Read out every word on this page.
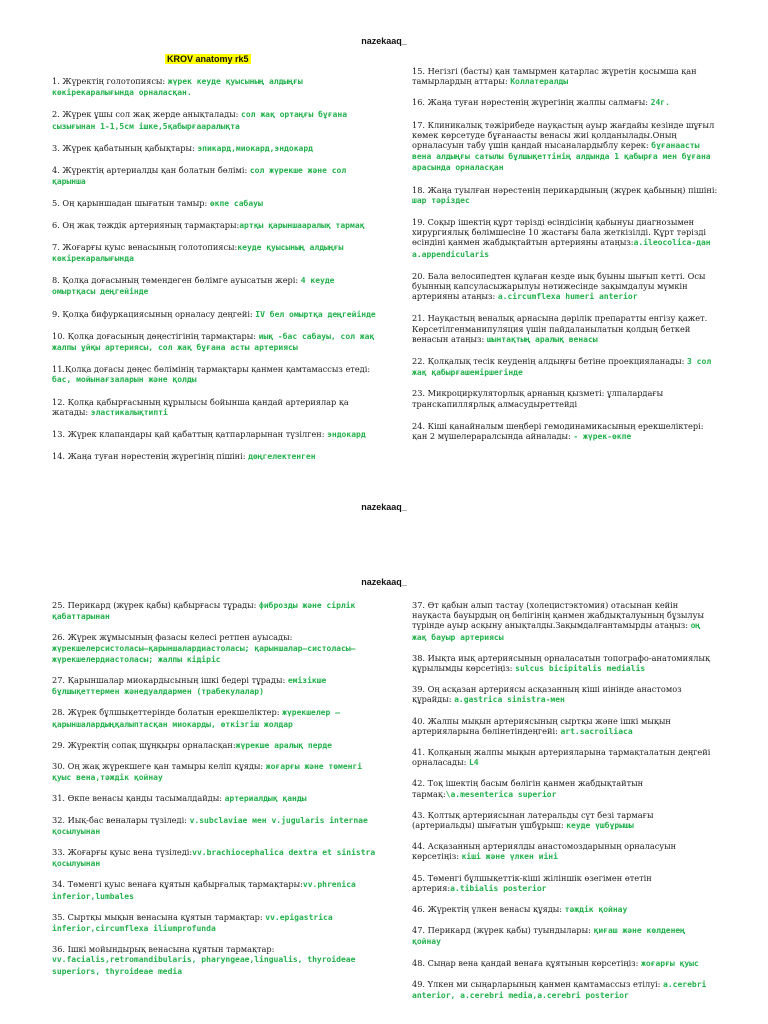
nazekaaq_
KROV anatomy rk5

1. Жүректің голотопиясы: жүрек кеуде қуысының алдыңғы көкірекаралығында орналасқан.

2. Жүрек ұшы сол жақ жерде анықталады: сол жақ ортаңғы бұғана сызығынан 1-1,5см ішке,5қабырғааралықта

3. Жүрек қабатының қабықтары: эпикард,миокард,эндокард

4. Жүректің артериалды қан болатын бөлімі: сол жүрекше және сол қарынша

5. Оң қарыншадан шығатын тамыр: өкпе сабауы

6. Оң жақ тәждік артерияның тармақтары:артқы қарыншааралық тармақ

7. Жоғарғы қуыс венасының голотопиясы:кеуде қуысының алдыңғы көкірекаралығында

8. Қолқа доғасының төмендеген бөлімге ауысатын жері: 4 кеуде омыртқасы деңгейінде

9. Қолқа бифуркациясының орналасу деңгейі: IV бел омыртқа деңгейінде

10. Қолқа доғасының дөңестігінің тармақтары: иық -бас сабауы, сол жақ жалпы ұйқы артериясы, сол жақ бұғана асты артериясы

11.Қолқа доғасы дөңес бөлімінің тармақтары қанмен қамтамассыз етеді: бас, мойынағзаларын және қолды

12. Қолқа қабырғасының құрылысы бойынша қандай артериялар қа жатады: эластикалықтипті

13. Жүрек клапандары қай қабаттың қатпарларынан түзілген: эндокард

14. Жаңа туған нәрестенің жүрегінің пішіні: дөңгелектенген

15. Негізгі (басты) қан тамырмен қатарлас жүретін қосымша қан тамырлардың аттары: Коллатералды

16. Жаңа туған нәрестенің жүрегінің жалпы салмағы: 24г.

17. Клиникалық тәжірибеде науқастың ауыр жағдайы кезінде шұғыл көмек көрсетуде бұғанаасты венасы жиі қолданылады.Оның орналасуын табу үшін қандай нысаналардыблу керек: бұғанаасты вена алдыңғы сатылы бұлшықеттінің алдында 1 қабырға мен бұғана арасында орналасқан

18. Жаңа туылған нәрестенің перикардының (жүрек қабының) пішіні: шар тәріздес

19. Соқыр ішектің құрт тәрізді өсіндісінің қабынуы диагнозымен хирургиялық бөлімшесіне 10 жастағы бала жеткізілді. Құрт тәрізді өсіндіні қанмен жабдықтайтын артерияны атаңыз:a.ileocolica-дан a.appendicularis

20. Бала велосипедтен құлаған кезде иық буыны шығып кетті. Осы буынның капсуласыжарылуы нәтижесінде зақымдалуы мүмкін артерияны атаңыз: a.circumflexa humeri anterior

21. Науқастың веналық арнасына дәрілік препаратты енгізу қажет. Көрсетілгенманипуляция үшін пайдаланылатын қолдың беткей венасын атаңыз: шынтақтың аралық венасы

22. Қолқалық тесік кеуденің алдыңғы бетіне проекцияланады: 3 сол жақ қабырғашеміршегінде

23. Микроциркуляторлық арнаның қызметі: ұлпалардағы транскапиллярлық алмасудыреттейді

24. Кіші қанайналым шеңбері гемодинамикасының ерекшеліктері: қан 2 мүшелераралсында айналады: - жүрек-өкпе

nazekaaq_
nazekaaq_

25. Перикард (жүрек қабы) қабырғасы тұрады: фиброзды және сірлік қабаттарынан

26. Жүрек жұмысының фазасы келесі ретпен ауысады: жүрекшелерсистоласы–қарыншалардиастоласы; қарыншалар–систоласы–жүрекшелердиастоласы; жалпы кідіріс

27. Қарыншалар миокардысының ішкі бедері тұрады: емізікше бұлшықеттермен жәнедуалдармен (трабекулалар)

28. Жүрек бұлшықеттерінде болатын ерекшеліктер: жүрекшелер –қарыншалардыңқалыптасқан миокарды, өткізгіш жолдар

29. Жүректің сопақ шұңқыры орналасқан:жүрекше аралық перде

30. Оң жақ жүрекшеге қан тамыры келіп құяды: жоғарғы және төменгі қуыс вена,тәждік қойнау

31. Өкпе венасы қанды тасымалдайды: артериалдық қанды

32. Иық-бас веналары түзіледі: v.subclaviae мен v.jugularis internae қосылуынан

33. Жоғарғы қуыс вена түзіледі:vv.brachiocephalica dextra et sinistra қосылуынан

34. Төменгі қуыс венаға құятын қабырғалық тармақтары:vv.phrenica inferior,lumbales

35. Сыртқы мықын венасына құятын тармақтар: vv.epigastrica inferior,circumflexa iliumprofunda

36. Ішкі мойындырық венасына құятын тармақтар: vv.facialis,retromandibularis, pharyngeae,lingualis, thyroideae superiors, thyroideae media

37. Өт қабын алып тастау (холецистэктомия) отасынан кейін науқаста бауырдың оң бөлігінің қанмен жабдықталуының бұзылуы түрінде ауыр асқыну анықталды.Зақымдалғантамырды атаңыз: оң жақ бауыр артериясы

38. Иықта иық артериясының орналасатын топографо-анатомиялық құрылымды көрсетіңіз: sulcus bicipitalis medialis

39. Оң асқазан артериясы асқазанның кіші иінінде анастомоз құрайды: a.gastrica sinistra-мен

40. Жалпы мықын артериясының сыртқы және ішкі мықын артерияларына бөлінетіндеңгейі: art.sacroiliaca

41. Қолқаның жалпы мықын артерияларына тармақталатын деңгейі орналасады: L4

42. Тоқ ішектің басым бөлігін қанмен жабдықтайтын тармақ:\a.mesenterica superior

43. Қолтық артериясынан латеральды сүт безі тармағы (артериальды) шығатын үшбұрыш: кеуде үшбұрышы

44. Асқазанның артериялды анастомоздарының орналасуын көрсетіңіз: кіші және үлкен иіні

45. Төменгі бұлшықеттік-кіші жіліншік өзегімен өтетін артерия:a.tibialis posterior

46. Жүректің үлкен венасы құяды: тәждік қойнау

47. Перикард (жүрек қабы) туындылары: қиғаш және көлденең қойнау

48. Сыңар вена қандай венаға құятынын көрсетіңіз: жоғарғы қуыс

49. Үлкен ми сыңарларының қанмен қамтамассыз етілуі: a.cerebri anterior, a.cerebri media,a.cerebri posterior
